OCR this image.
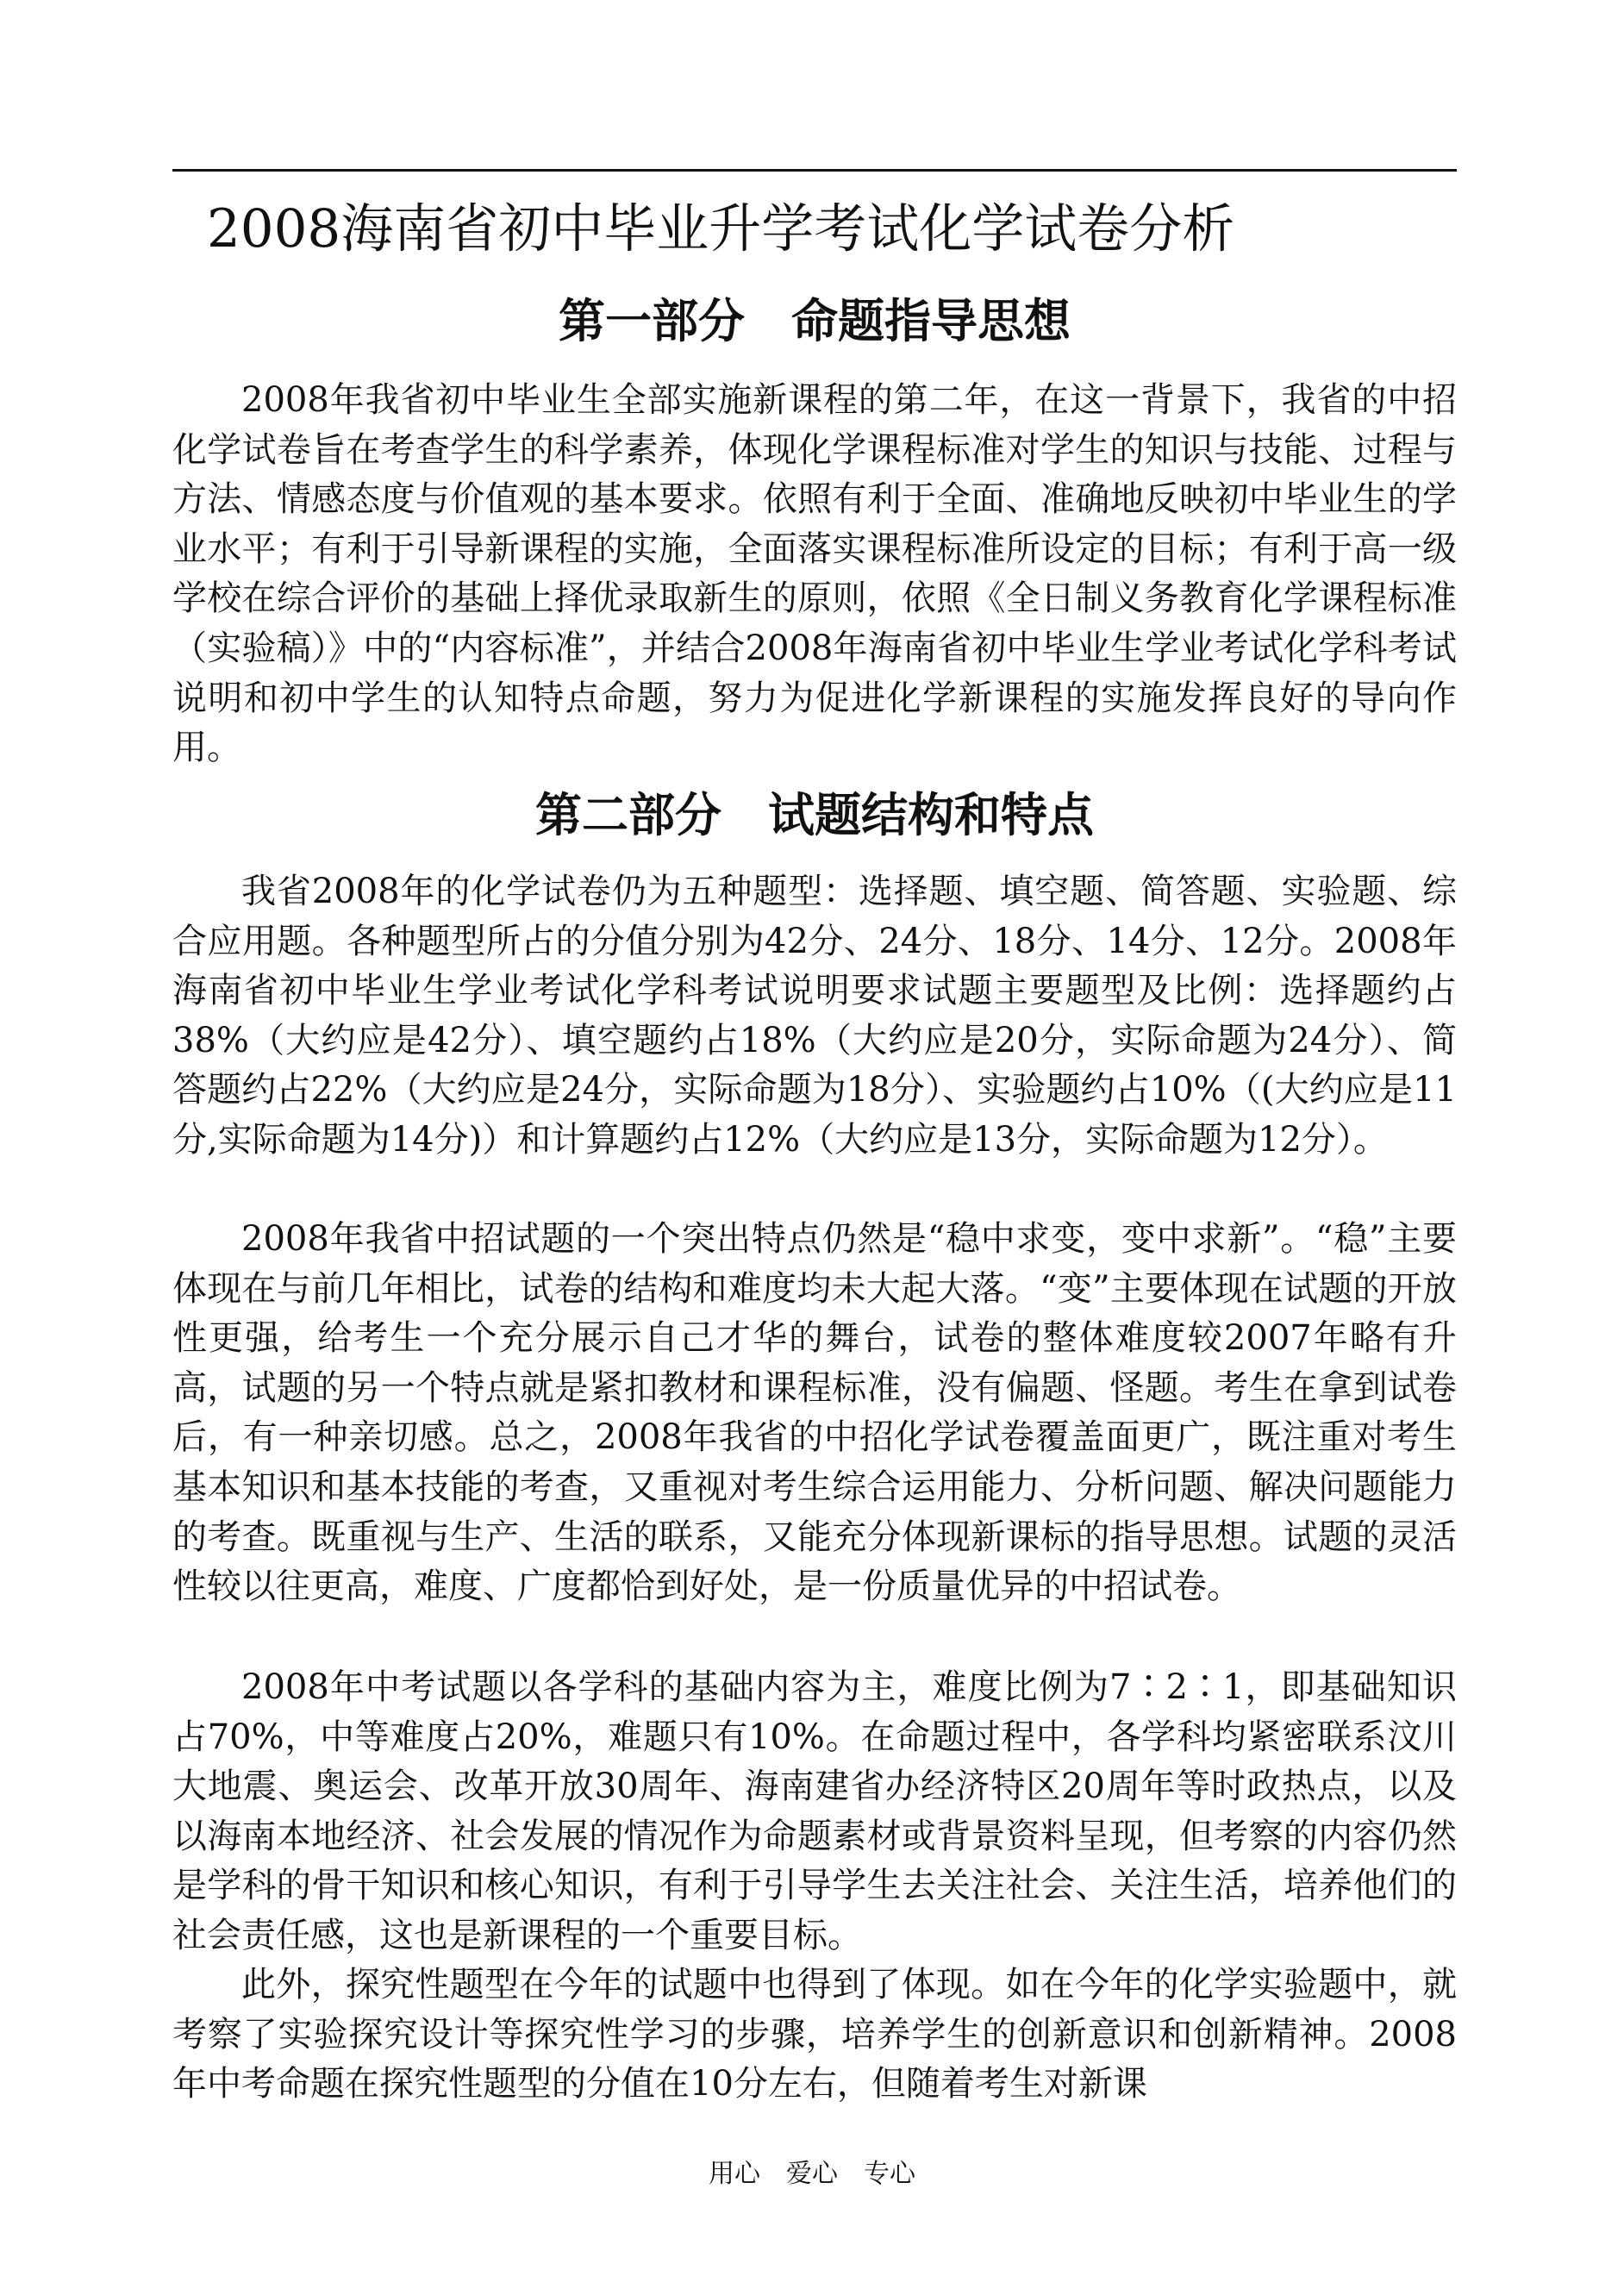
2008海南省初中毕业升学考试化学试卷分析
第一部分　命题指导思想

2008年我省初中毕业生全部实施新课程的第二年，在这一背景下，我省的中招化学试卷旨在考查学生的科学素养，体现化学课程标准对学生的知识与技能、过程与方法、情感态度与价值观的基本要求。依照有利于全面、准确地反映初中毕业生的学业水平；有利于引导新课程的实施，全面落实课程标准所设定的目标；有利于高一级学校在综合评价的基础上择优录取新生的原则，依照《全日制义务教育化学课程标准（实验稿）》中的“内容标准”，并结合2008年海南省初中毕业生学业考试化学科考试说明和初中学生的认知特点命题，努力为促进化学新课程的实施发挥良好的导向作用。

第二部分　试题结构和特点

我省2008年的化学试卷仍为五种题型：选择题、填空题、简答题、实验题、综合应用题。各种题型所占的分值分别为42分、24分、18分、14分、12分。2008年海南省初中毕业生学业考试化学科考试说明要求试题主要题型及比例：选择题约占38%（大约应是42分）、填空题约占18%（大约应是20分，实际命题为24分）、简答题约占22%（大约应是24分，实际命题为18分）、实验题约占10%（(大约应是11分,实际命题为14分)）和计算题约占12%（大约应是13分，实际命题为12分）。

2008年我省中招试题的一个突出特点仍然是“稳中求变，变中求新”。“稳”主要体现在与前几年相比，试卷的结构和难度均未大起大落。“变”主要体现在试题的开放性更强，给考生一个充分展示自己才华的舞台，试卷的整体难度较2007年略有升高，试题的另一个特点就是紧扣教材和课程标准，没有偏题、怪题。考生在拿到试卷后，有一种亲切感。总之，2008年我省的中招化学试卷覆盖面更广，既注重对考生基本知识和基本技能的考查，又重视对考生综合运用能力、分析问题、解决问题能力的考查。既重视与生产、生活的联系，又能充分体现新课标的指导思想。试题的灵活性较以往更高，难度、广度都恰到好处，是一份质量优异的中招试卷。

2008年中考试题以各学科的基础内容为主，难度比例为7∶2∶1，即基础知识占70%，中等难度占20%，难题只有10%。在命题过程中，各学科均紧密联系汶川大地震、奥运会、改革开放30周年、海南建省办经济特区20周年等时政热点，以及以海南本地经济、社会发展的情况作为命题素材或背景资料呈现，但考察的内容仍然是学科的骨干知识和核心知识，有利于引导学生去关注社会、关注生活，培养他们的社会责任感，这也是新课程的一个重要目标。

此外，探究性题型在今年的试题中也得到了体现。如在今年的化学实验题中，就考察了实验探究设计等探究性学习的步骤，培养学生的创新意识和创新精神。2008年中考命题在探究性题型的分值在10分左右，但随着考生对新课

用心　爱心　专心
